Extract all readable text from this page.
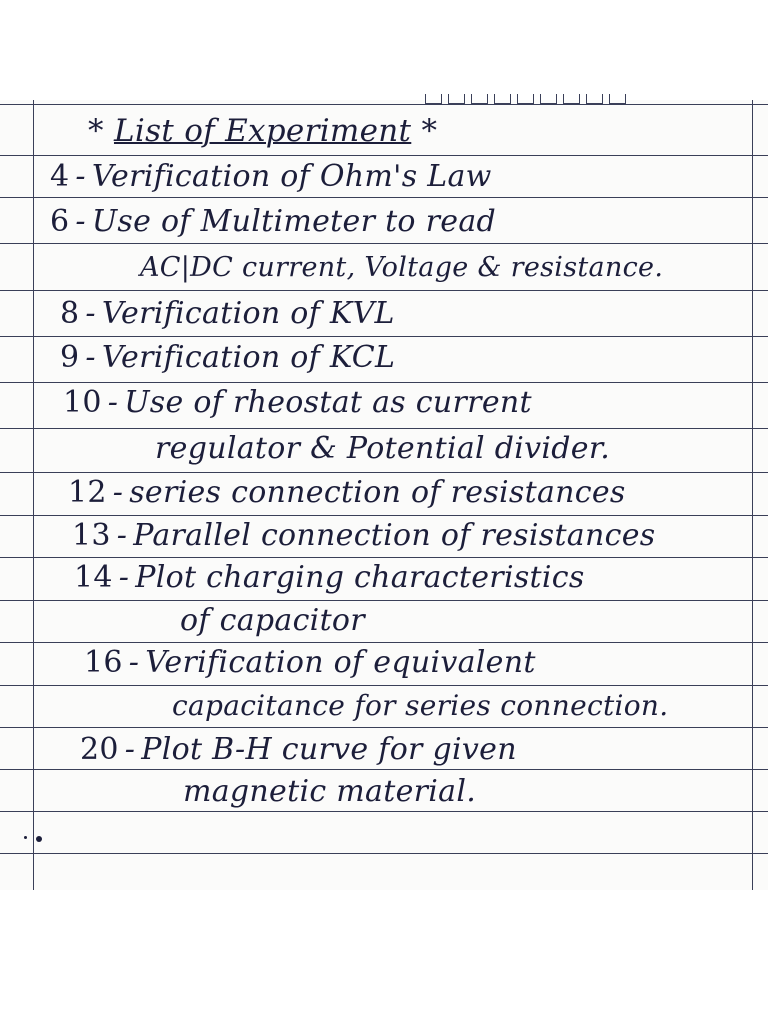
* List of Experiment *
4 - Verification of Ohm's Law
6 - Use of Multimeter to read
AC|DC current, Voltage & resistance.
8 - Verification of KVL
9 - Verification of KCL
10 - Use of rheostat as current
regulator & Potential divider.
12 - series connection of resistances
13 - Parallel connection of resistances
14 - Plot charging characteristics
of capacitor
16 - Verification of equivalent
capacitance for series connection.
20 - Plot B-H curve for given
magnetic material.
